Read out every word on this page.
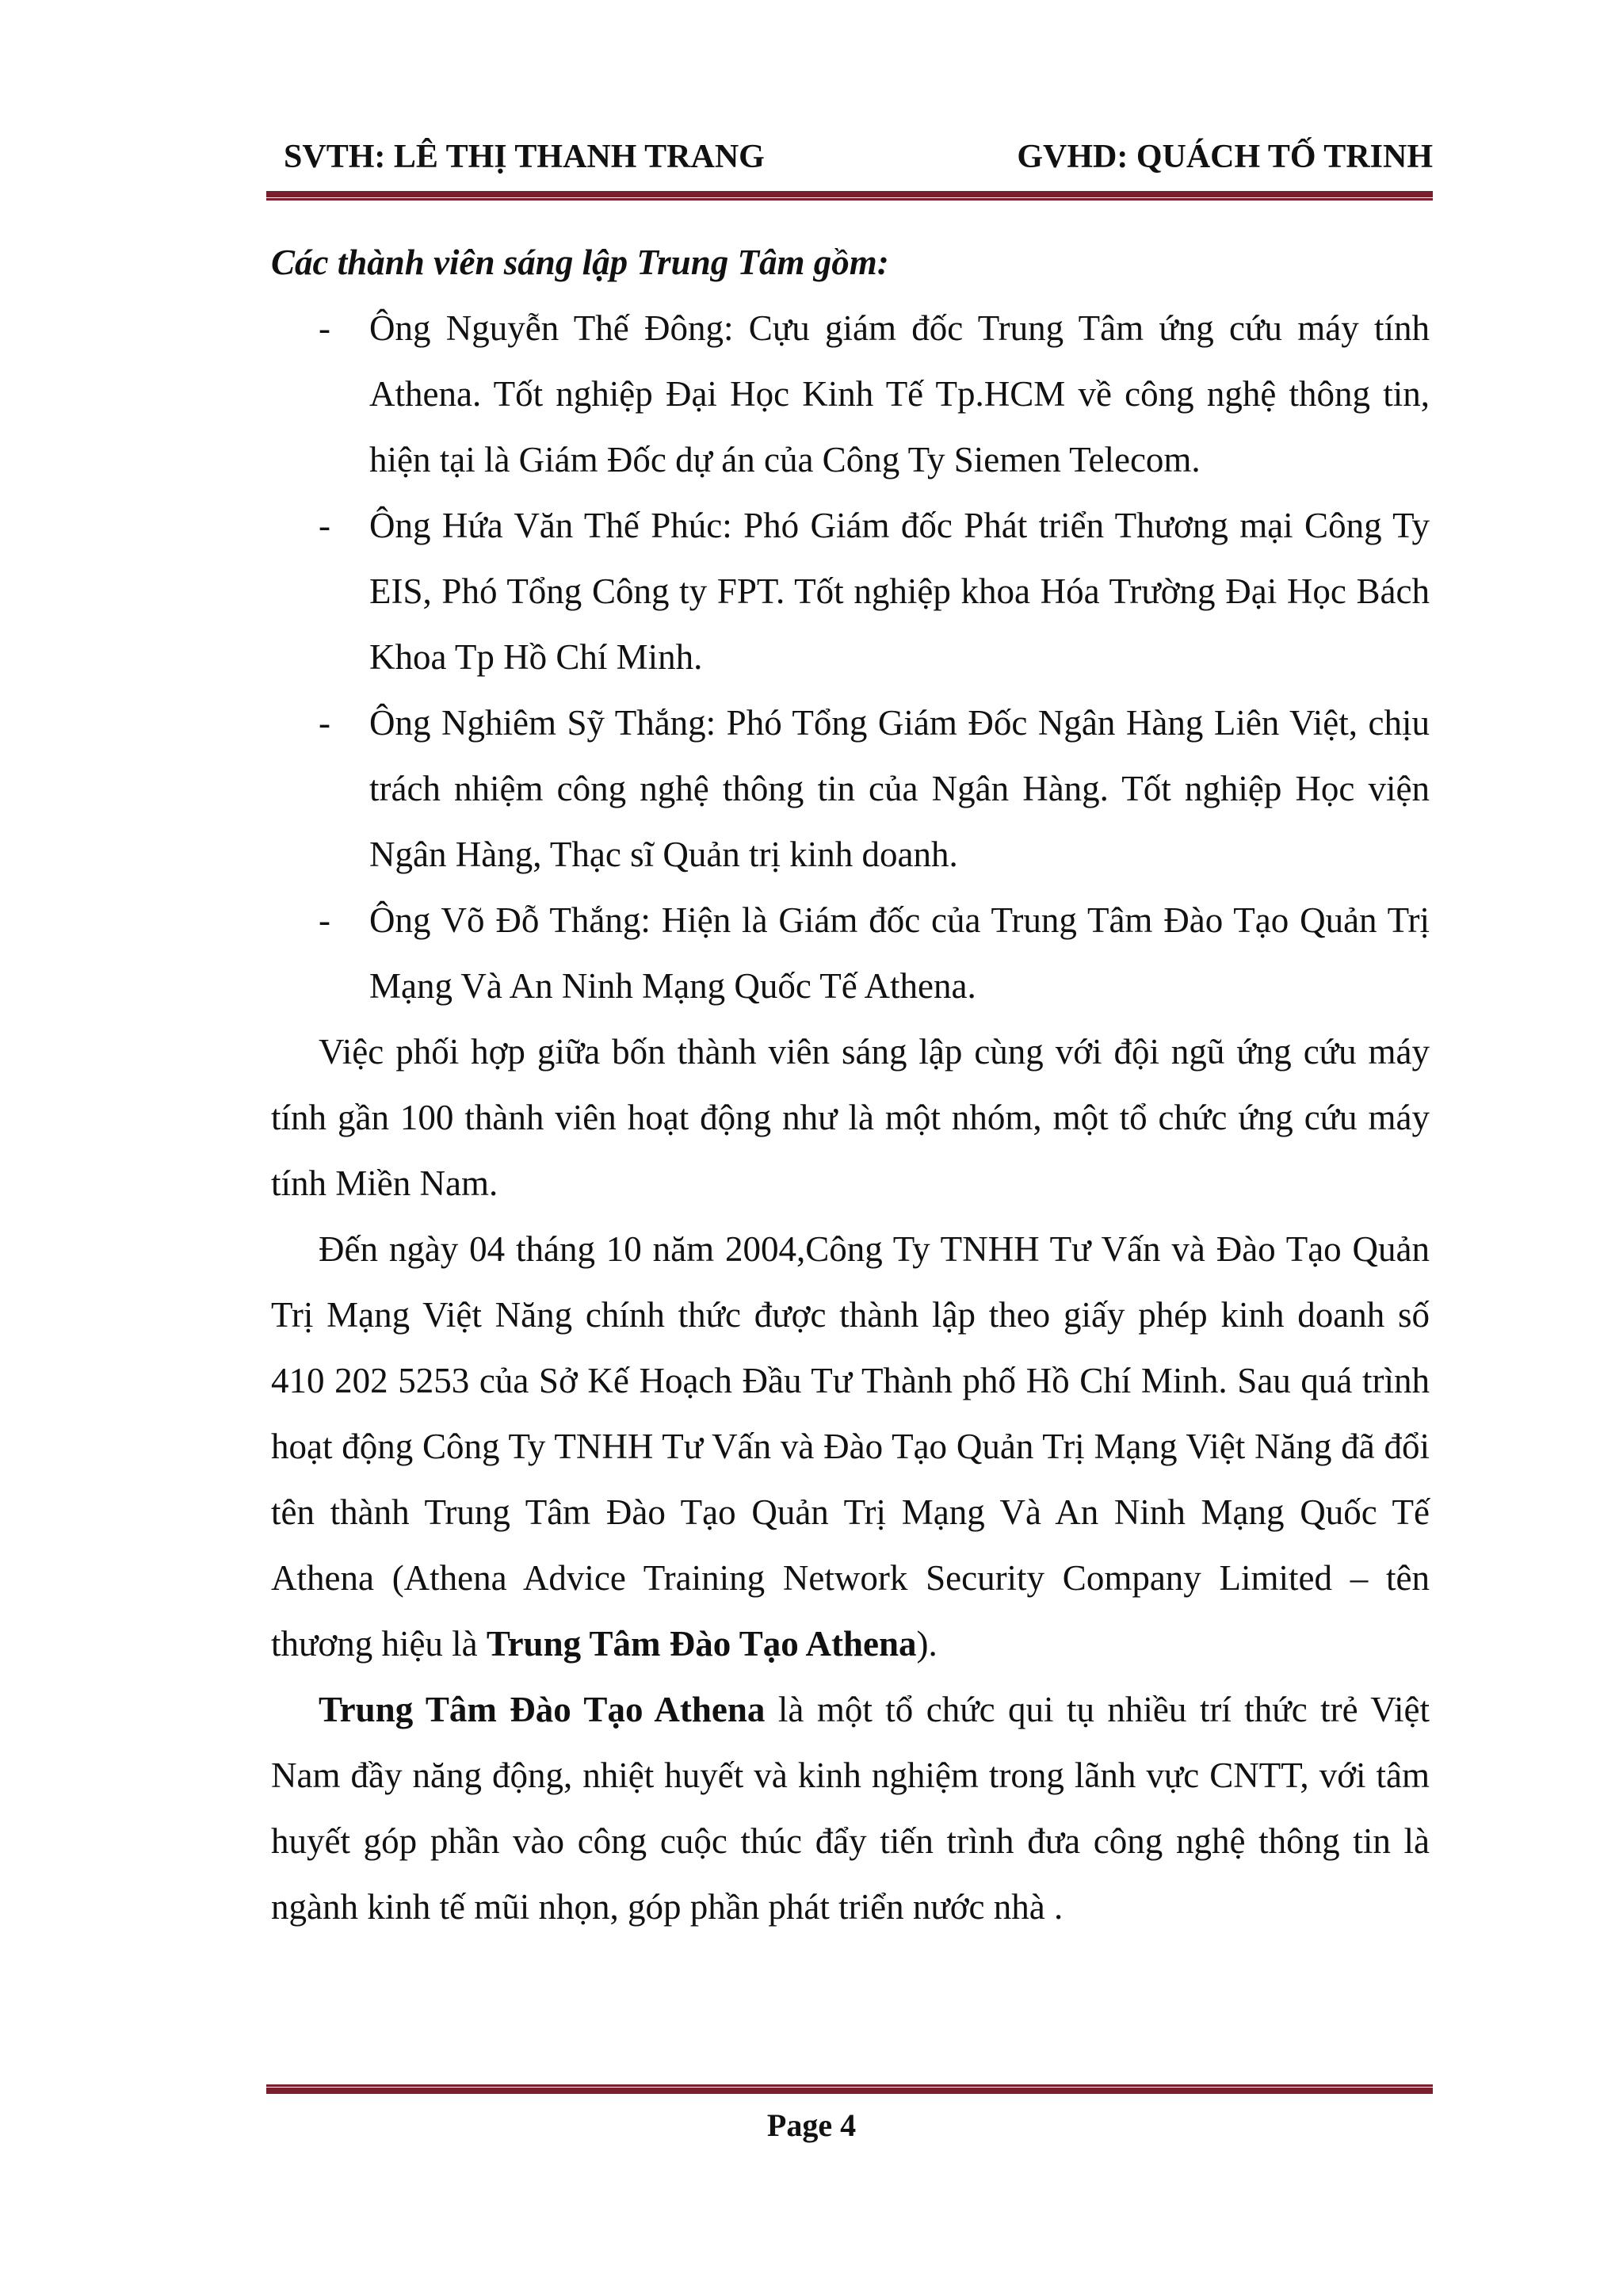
SVTH: LÊ THỊ THANH TRANG	GVHD: QUÁCH TỐ TRINH

Các thành viên sáng lập Trung Tâm gồm:

- Ông Nguyễn Thế Đông: Cựu giám đốc Trung Tâm ứng cứu máy tính Athena. Tốt nghiệp Đại Học Kinh Tế Tp.HCM về công nghệ thông tin, hiện tại là Giám Đốc dự án của Công Ty Siemen Telecom.
- Ông Hứa Văn Thế Phúc: Phó Giám đốc Phát triển Thương mại Công Ty EIS, Phó Tổng Công ty FPT. Tốt nghiệp khoa Hóa Trường Đại Học Bách Khoa Tp Hồ Chí Minh.
- Ông Nghiêm Sỹ Thắng: Phó Tổng Giám Đốc Ngân Hàng Liên Việt, chịu trách nhiệm công nghệ thông tin của Ngân Hàng. Tốt nghiệp Học viện Ngân Hàng, Thạc sĩ Quản trị kinh doanh.
- Ông Võ Đỗ Thắng: Hiện là Giám đốc của Trung Tâm Đào Tạo Quản Trị Mạng Và An Ninh Mạng Quốc Tế Athena.

Việc phối hợp giữa bốn thành viên sáng lập cùng với đội ngũ ứng cứu máy tính gần 100 thành viên hoạt động như là một nhóm, một tổ chức ứng cứu máy tính Miền Nam.

Đến ngày 04 tháng 10 năm 2004,Công Ty TNHH Tư Vấn và Đào Tạo Quản Trị Mạng Việt Năng chính thức được thành lập theo giấy phép kinh doanh số 410 202 5253 của Sở Kế Hoạch Đầu Tư Thành phố Hồ Chí Minh. Sau quá trình hoạt động Công Ty TNHH Tư Vấn và Đào Tạo Quản Trị Mạng Việt Năng đã đổi tên thành Trung Tâm Đào Tạo Quản Trị Mạng Và An Ninh Mạng Quốc Tế Athena (Athena Advice Training Network Security Company Limited – tên thương hiệu là Trung Tâm Đào Tạo Athena).

Trung Tâm Đào Tạo Athena là một tổ chức qui tụ nhiều trí thức trẻ Việt Nam đầy năng động, nhiệt huyết và kinh nghiệm trong lãnh vực CNTT, với tâm huyết góp phần vào công cuộc thúc đẩy tiến trình đưa công nghệ thông tin là ngành kinh tế mũi nhọn, góp phần phát triển nước nhà .

Page 4
